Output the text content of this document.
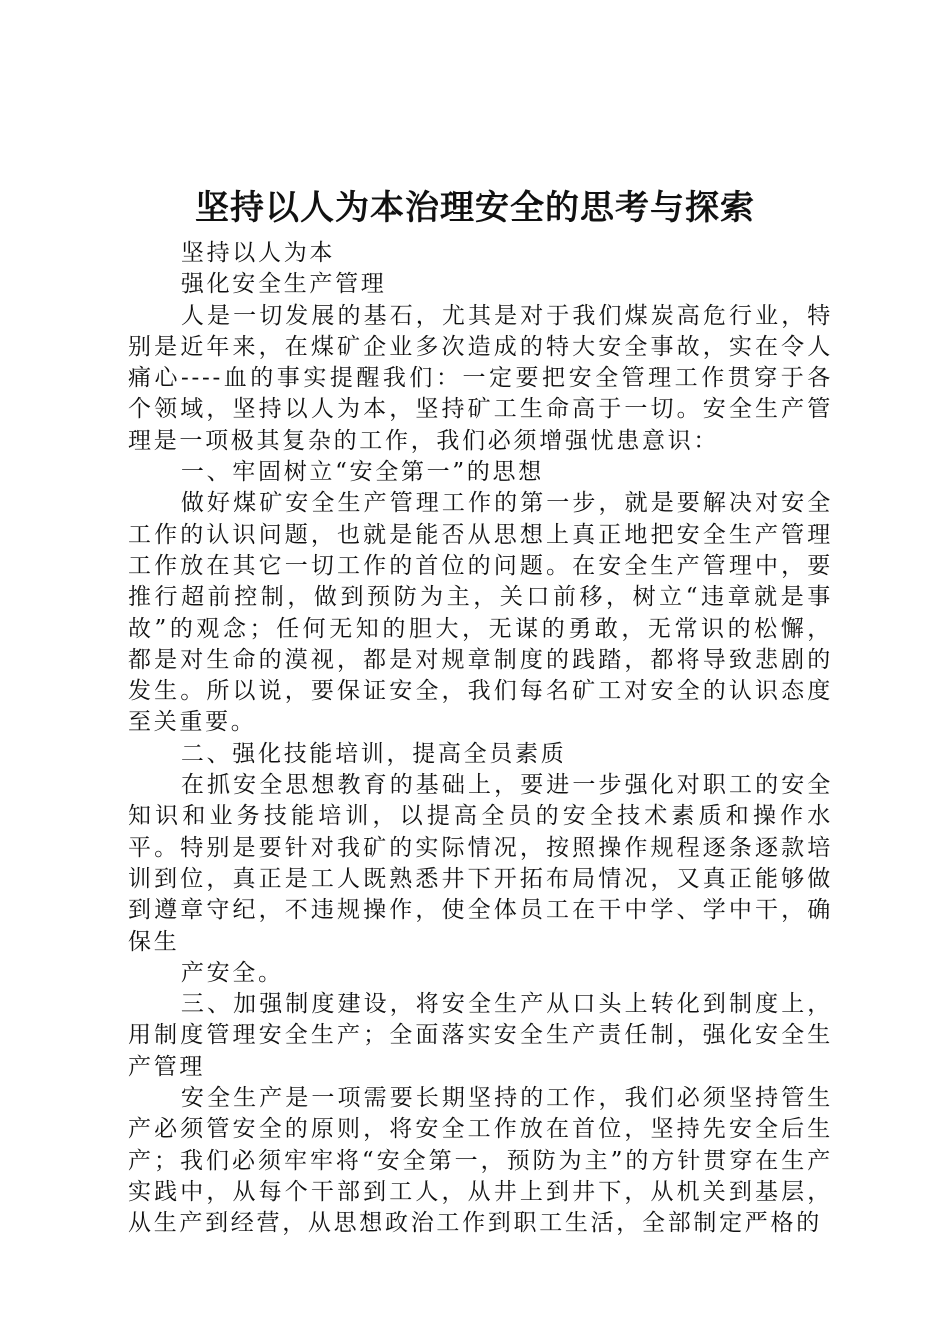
坚持以人为本治理安全的思考与探索

坚持以人为本

强化安全生产管理

人是一切发展的基石，尤其是对于我们煤炭高危行业，特别是近年来，在煤矿企业多次造成的特大安全事故，实在令人痛心----血的事实提醒我们：一定要把安全管理工作贯穿于各个领域，坚持以人为本，坚持矿工生命高于一切。安全生产管理是一项极其复杂的工作，我们必须增强忧患意识：

一、牢固树立“安全第一”的思想

做好煤矿安全生产管理工作的第一步，就是要解决对安全工作的认识问题，也就是能否从思想上真正地把安全生产管理工作放在其它一切工作的首位的问题。在安全生产管理中，要推行超前控制，做到预防为主，关口前移，树立“违章就是事故”的观念；任何无知的胆大，无谋的勇敢，无常识的松懈，都是对生命的漠视，都是对规章制度的践踏，都将导致悲剧的发生。所以说，要保证安全，我们每名矿工对安全的认识态度至关重要。

二、强化技能培训，提高全员素质

在抓安全思想教育的基础上，要进一步强化对职工的安全知识和业务技能培训，以提高全员的安全技术素质和操作水平。特别是要针对我矿的实际情况，按照操作规程逐条逐款培训到位，真正是工人既熟悉井下开拓布局情况，又真正能够做到遵章守纪，不违规操作，使全体员工在干中学、学中干，确保生

产安全。

三、加强制度建设，将安全生产从口头上转化到制度上，用制度管理安全生产；全面落实安全生产责任制，强化安全生产管理

安全生产是一项需要长期坚持的工作，我们必须坚持管生产必须管安全的原则，将安全工作放在首位，坚持先安全后生产；我们必须牢牢将“安全第一，预防为主”的方针贯穿在生产实践中，从每个干部到工人，从井上到井下，从机关到基层，从生产到经营，从思想政治工作到职工生活，全部制定严格的
